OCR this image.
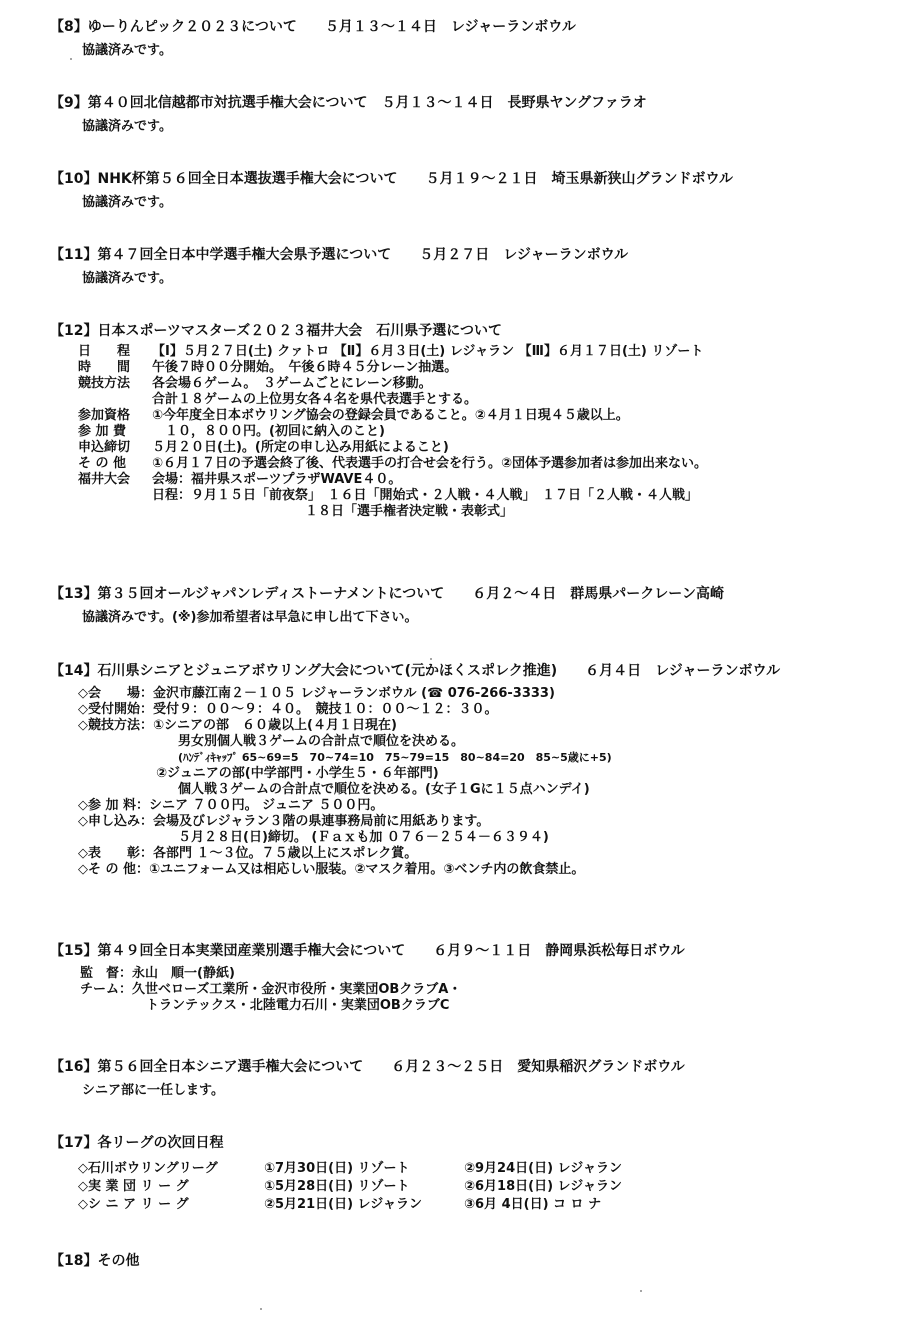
【8】ゆーりんピック２０２３について　　５月１３～１４日　レジャーランボウル
協議済みです。
【9】第４０回北信越都市対抗選手権大会について　５月１３～１４日　長野県ヤングファラオ
協議済みです。
【10】NHK杯第５６回全日本選抜選手権大会について　　５月１９～２１日　埼玉県新狭山グランドボウル
協議済みです。
【11】第４７回全日本中学選手権大会県予選について　　５月２７日　レジャーランボウル
協議済みです。
【12】日本スポーツマスターズ２０２３福井大会　石川県予選について
日　　程	【Ⅰ】５月２７日(土) クァトロ 【Ⅱ】６月３日(土) レジャラン 【Ⅲ】６月１７日(土) リゾート
時　　間	午後７時００分開始。　午後６時４５分レーン抽選。
競技方法	各会場６ゲーム。　３ゲームごとにレーン移動。
合計１８ゲームの上位男女各４名を県代表選手とする。
参加資格	①今年度全日本ボウリング協会の登録会員であること。②４月１日現４５歳以上。
参 加 費	　１０，８００円。(初回に納入のこと)
申込締切	５月２０日(土)。(所定の申し込み用紙によること)
そ の 他	①６月１７日の予選会終了後、代表選手の打合せ会を行う。②団体予選参加者は参加出来ない。
福井大会	会場：福井県スポーツプラザWAVE４０。
日程：９月１５日「前夜祭」　１６日「開始式・２人戦・４人戦」　１７日「２人戦・４人戦」
１８日「選手権者決定戦・表彰式」
【13】第３５回オールジャパンレディストーナメントについて　　６月２～４日　群馬県パークレーン高崎
協議済みです。(※)参加希望者は早急に申し出て下さい。
【14】石川県シニアとジュニアボウリング大会について(元かほくスポレク推進)　　６月４日　レジャーランボウル
◇会　　場：金沢市藤江南２－１０５ レジャーランボウル (☎ 076-266-3333)
◇受付開始：受付９：００～９：４０。　競技１０：００～１２：３０。
◇競技方法：①シニアの部　６０歳以上(４月１日現在)
男女別個人戦３ゲームの合計点で順位を決める。
(ﾊﾝﾃﾞｨｷｬｯﾌﾟ 65~69=5　70~74=10　75~79=15　80~84=20　85~5歳に+5)
②ジュニアの部(中学部門・小学生５・６年部門)
個人戦３ゲームの合計点で順位を決める。(女子１Gに１５点ハンデイ)
◇参 加 料：シニア ７００円。 ジュニア ５００円。
◇申し込み：会場及びレジャラン３階の県連事務局前に用紙あります。
５月２８日(日)締切。 (Ｆａｘも加 ０７６－２５４－６３９４)
◇表　　彰：各部門 １～３位。７５歳以上にスポレク賞。
◇そ の 他：①ユニフォーム又は相応しい服装。②マスク着用。③ベンチ内の飲食禁止。
【15】第４９回全日本実業団産業別選手権大会について　　６月９～１１日　静岡県浜松毎日ボウル
監　督：永山　順一(静紙)
チーム：久世ベローズ工業所・金沢市役所・実業団OBクラブA・
トランテックス・北陸電力石川・実業団OBクラブC
【16】第５６回全日本シニア選手権大会について　　６月２３～２５日　愛知県稲沢グランドボウル
シニア部に一任します。
【17】各リーグの次回日程
◇石川ボウリングリーグ	①7月30日(日) リゾート	②9月24日(日) レジャラン
◇実 業 団 リ ー グ	①5月28日(日) リゾート	②6月18日(日) レジャラン
◇シ ニ ア リ ー グ	②5月21日(日) レジャラン	③6月 4日(日) コ ロ ナ
【18】その他
